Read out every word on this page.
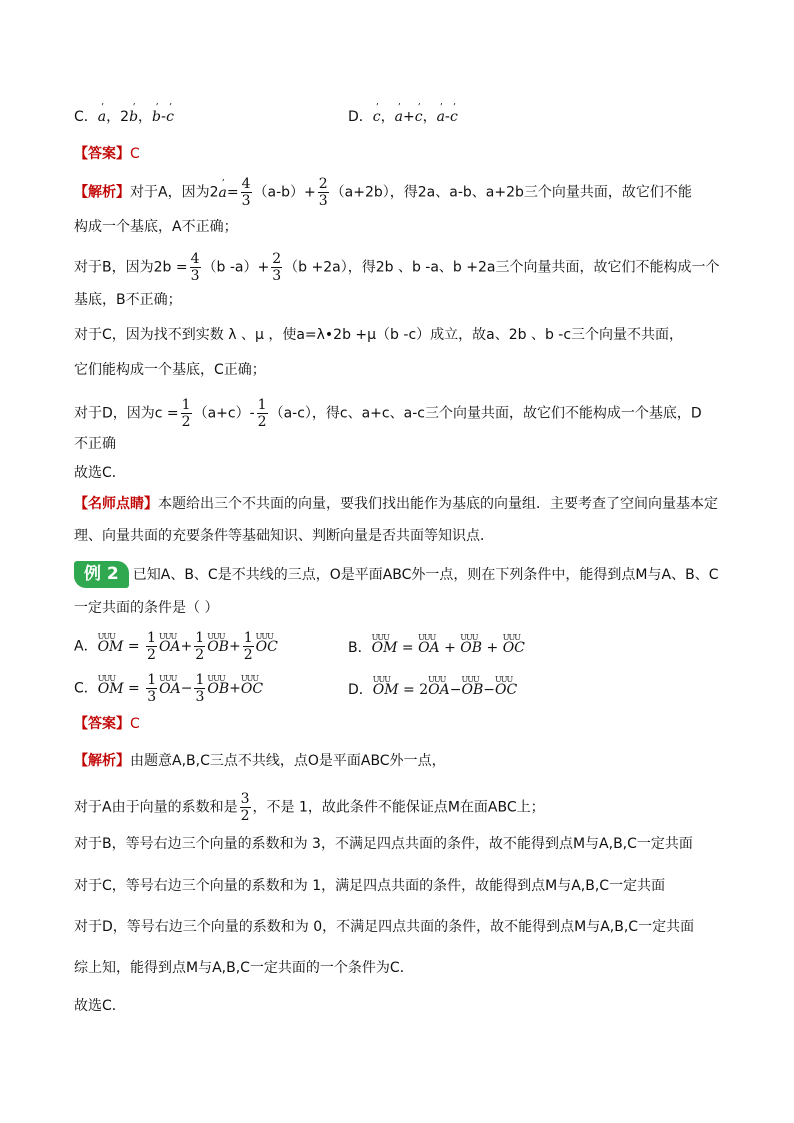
C．’ a，2’ b，’ b-’ c	D．’ c，’ a+’ c，’ a-’ c
【答案】C
【解析】对于A，因为2’ $a= \frac{4}{3} (a-b)+ \frac{2}{3} (a+2b)$，得2a、a-b、a+2b三个向量共面，故它们不能
构成一个基底，A不正确；
对于B，因为$2b = \frac{4}{3} (b$ $-a)+ \frac{2}{3} (b +2a)$，得2b 、b -a、b +2a三个向量共面，故它们不能构成一个
基底，B不正确；
对于C，因为找不到实数 λ 、μ ，使a=λ•2b +μ（b -c）成立，故a、2b 、b -c三个向量不共面，
它们能构成一个基底，C正确；
对于D，因为$c = \frac{1}{2} (a+c)- \frac{1}{2} (a-c)$，得c、a+c、a-c三个向量共面，故它们不能构成一个基底，D
不正确
故选C．
【名师点睛】本题给出三个不共面的向量，要我们找出能作为基底的向量组．主要考查了空间向量基本定
理、向量共面的充要条件等基础知识、判断向量是否共面等知识点．
例 2 已知A、B、C是不共线的三点，O是平面ABC外一点，则在下列条件中，能得到点M与A、B、C
一定共面的条件是（ ）
A．UUU OM = $\frac{1}{2}$ UUU $OA+ \frac{1}{2}$ UUU $OB+ \frac{1}{2}$ UUU OC	B．UUU OM = UUU OA + UUU OB + UUU OC
C．UUU OM = $\frac{1}{3}$ UUU $OA- \frac{1}{3}$ UUU OB+UUU OC	D．UUU OM = 2UUU OA−UUU OB−UUU OC
【答案】C
【解析】由题意A,B,C三点不共线，点O是平面ABC外一点，
对于A由于向量的系数和是 $\frac{3}{2}$ ，不是 1，故此条件不能保证点M在面ABC上；
对于B，等号右边三个向量的系数和为 3，不满足四点共面的条件，故不能得到点M与A,B,C一定共面
对于C，等号右边三个向量的系数和为 1，满足四点共面的条件，故能得到点M与A,B,C一定共面
对于D，等号右边三个向量的系数和为 0，不满足四点共面的条件，故不能得到点M与A,B,C一定共面
综上知，能得到点M与A,B,C一定共面的一个条件为C．
故选C．
